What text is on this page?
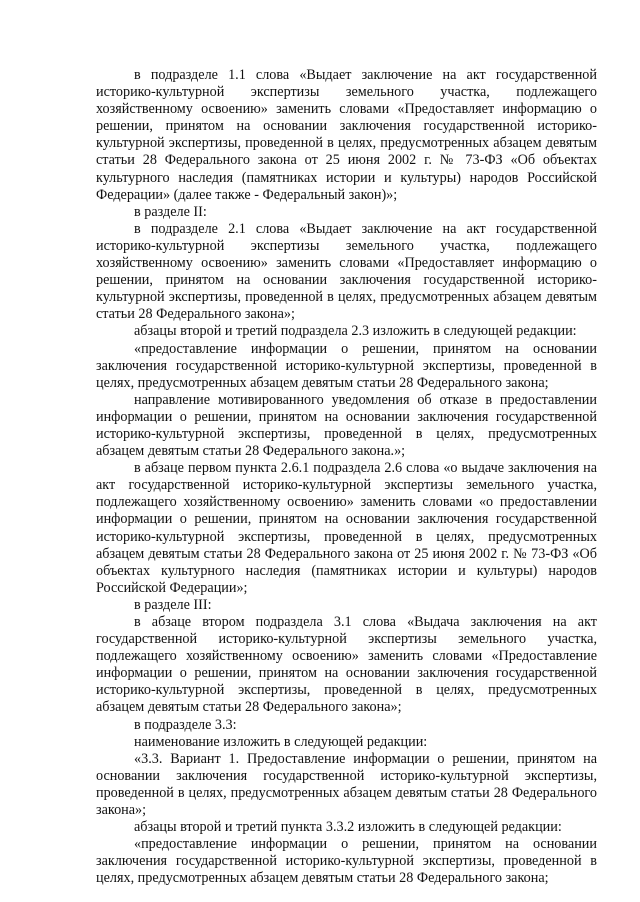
в подразделе 1.1 слова «Выдает заключение на акт государственной историко-культурной экспертизы земельного участка, подлежащего хозяйственному освоению» заменить словами «Предоставляет информацию о решении, принятом на основании заключения государственной историко-культурной экспертизы, проведенной в целях, предусмотренных абзацем девятым статьи 28 Федерального закона от 25 июня 2002 г. № 73-ФЗ «Об объектах культурного наследия (памятниках истории и культуры) народов Российской Федерации» (далее также - Федеральный закон)»;

в разделе II:

в подразделе 2.1 слова «Выдает заключение на акт государственной историко-культурной экспертизы земельного участка, подлежащего хозяйственному освоению» заменить словами «Предоставляет информацию о решении, принятом на основании заключения государственной историко-культурной экспертизы, проведенной в целях, предусмотренных абзацем девятым статьи 28 Федерального закона»;

абзацы второй и третий подраздела 2.3 изложить в следующей редакции:

«предоставление информации о решении, принятом на основании заключения государственной историко-культурной экспертизы, проведенной в целях, предусмотренных абзацем девятым статьи 28 Федерального закона;

направление мотивированного уведомления об отказе в предоставлении информации о решении, принятом на основании заключения государственной историко-культурной экспертизы, проведенной в целях, предусмотренных абзацем девятым статьи 28 Федерального закона.»;

в абзаце первом пункта 2.6.1 подраздела 2.6 слова «о выдаче заключения на акт государственной историко-культурной экспертизы земельного участка, подлежащего хозяйственному освоению» заменить словами «о предоставлении информации о решении, принятом на основании заключения государственной историко-культурной экспертизы, проведенной в целях, предусмотренных абзацем девятым статьи 28 Федерального закона от 25 июня 2002 г. № 73-ФЗ «Об объектах культурного наследия (памятниках истории и культуры) народов Российской Федерации»;

в разделе III:

в абзаце втором подраздела 3.1 слова «Выдача заключения на акт государственной историко-культурной экспертизы земельного участка, подлежащего хозяйственному освоению» заменить словами «Предоставление информации о решении, принятом на основании заключения государственной историко-культурной экспертизы, проведенной в целях, предусмотренных абзацем девятым статьи 28 Федерального закона»;

в подразделе 3.3:

наименование изложить в следующей редакции:

«3.3. Вариант 1. Предоставление информации о решении, принятом на основании заключения государственной историко-культурной экспертизы, проведенной в целях, предусмотренных абзацем девятым статьи 28 Федерального закона»;

абзацы второй и третий пункта 3.3.2 изложить в следующей редакции:

«предоставление информации о решении, принятом на основании заключения государственной историко-культурной экспертизы, проведенной в целях, предусмотренных абзацем девятым статьи 28 Федерального закона;
